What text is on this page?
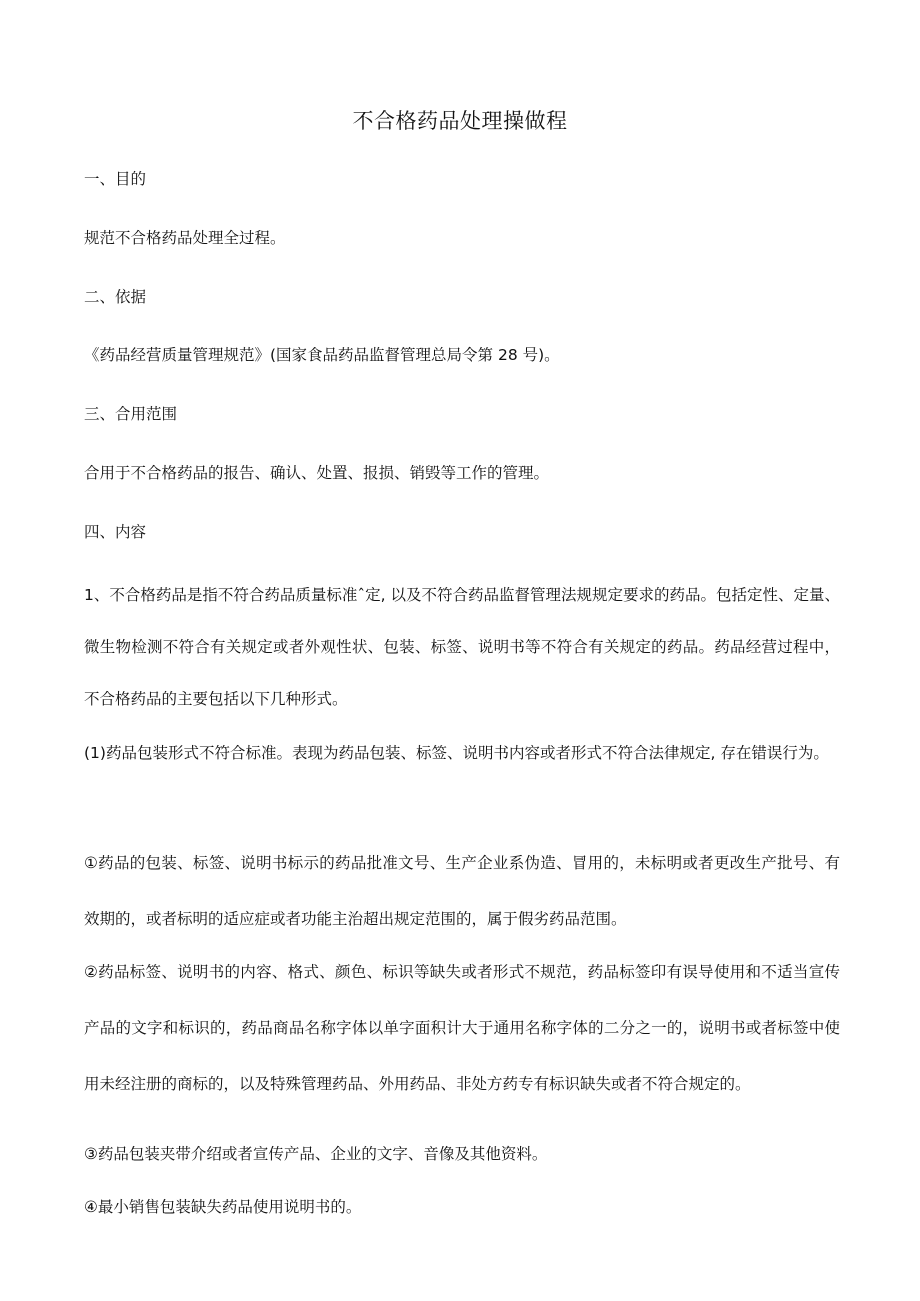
不合格药品处理操做程
一、目的
规范不合格药品处理全过程。
二、依据
《药品经营质量管理规范》(国家食品药品监督管理总局令第 28 号)。
三、合用范围
合用于不合格药品的报告、确认、处置、报损、销毁等工作的管理。
四、内容
1、不合格药品是指不符合药品质量标准ˆ定, 以及不符合药品监督管理法规规定要求的药品。包括定性、定量、微生物检测不符合有关规定或者外观性状、包装、标签、说明书等不符合有关规定的药品。药品经营过程中，不合格药品的主要包括以下几种形式。
(1)药品包装形式不符合标准。表现为药品包装、标签、说明书内容或者形式不符合法律规定, 存在错误行为。
①药品的包装、标签、说明书标示的药品批准文号、生产企业系伪造、冒用的，未标明或者更改生产批号、有效期的，或者标明的适应症或者功能主治超出规定范围的，属于假劣药品范围。
②药品标签、说明书的内容、格式、颜色、标识等缺失或者形式不规范，药品标签印有误导使用和不适当宣传产品的文字和标识的，药品商品名称字体以单字面积计大于通用名称字体的二分之一的，说明书或者标签中使用未经注册的商标的，以及特殊管理药品、外用药品、非处方药专有标识缺失或者不符合规定的。
③药品包装夹带介绍或者宣传产品、企业的文字、音像及其他资料。
④最小销售包装缺失药品使用说明书的。
